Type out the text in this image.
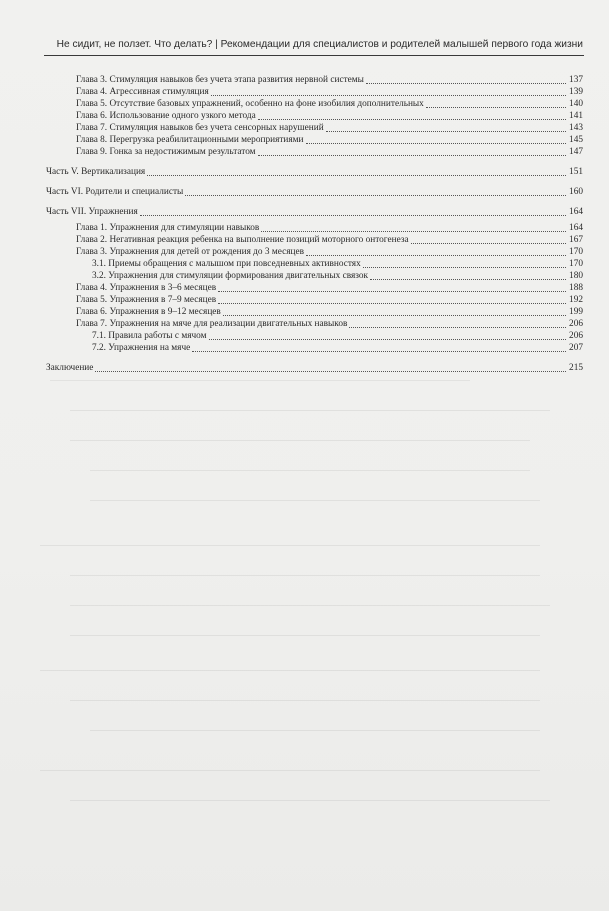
Не сидит, не ползет. Что делать? | Рекомендации для специалистов и родителей малышей первого года жизни
Глава 3. Стимуляция навыков без учета этапа развития нервной системы	137
Глава 4. Агрессивная стимуляция	139
Глава 5. Отсутствие базовых упражнений, особенно на фоне изобилия дополнительных	140
Глава 6. Использование одного узкого метода	141
Глава 7. Стимуляция навыков без учета сенсорных нарушений	143
Глава 8. Перегрузка реабилитационными мероприятиями	145
Глава 9. Гонка за недостижимым результатом	147
Часть V. Вертикализация	151
Часть VI. Родители и специалисты	160
Часть VII. Упражнения	164
Глава 1. Упражнения для стимуляции навыков	164
Глава 2. Негативная реакция ребенка на выполнение позиций моторного онтогенеза	167
Глава 3. Упражнения для детей от рождения до 3 месяцев	170
3.1. Приемы обращения с малышом при повседневных активностях	170
3.2. Упражнения для стимуляции формирования двигательных связок	180
Глава 4. Упражнения в 3–6 месяцев	188
Глава 5. Упражнения в 7–9 месяцев	192
Глава 6. Упражнения в 9–12 месяцев	199
Глава 7. Упражнения на мяче для реализации двигательных навыков	206
7.1. Правила работы с мячом	206
7.2. Упражнения на мяче	207
Заключение	215
